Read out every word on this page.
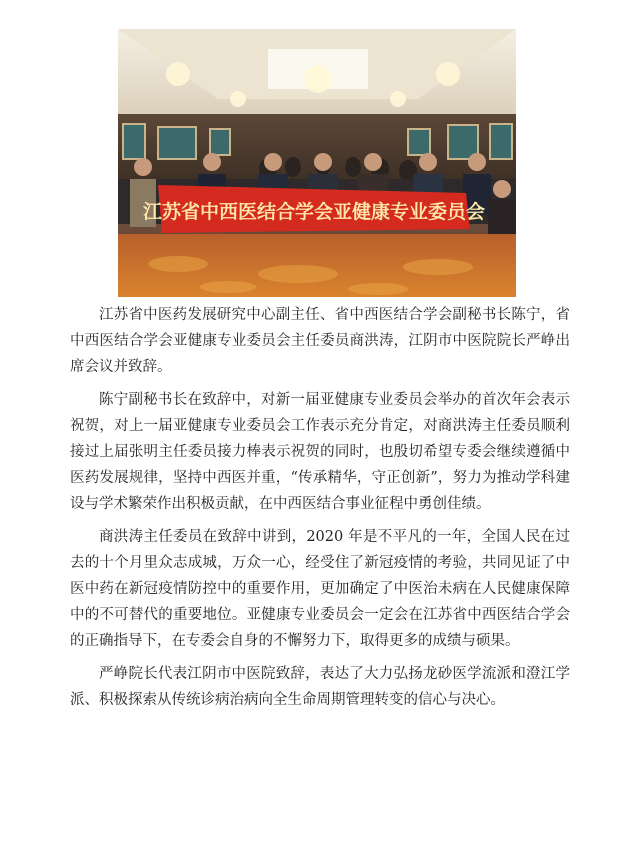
江苏省中西医结合学会亚健康专业委员会

江苏省中医药发展研究中心副主任、省中西医结合学会副秘书长陈宁，省中西医结合学会亚健康专业委员会主任委员商洪涛，江阴市中医院院长严峥出席会议并致辞。

陈宁副秘书长在致辞中，对新一届亚健康专业委员会举办的首次年会表示祝贺，对上一届亚健康专业委员会工作表示充分肯定，对商洪涛主任委员顺利接过上届张明主任委员接力棒表示祝贺的同时，也殷切希望专委会继续遵循中医药发展规律，坚持中西医并重，“传承精华，守正创新”，努力为推动学科建设与学术繁荣作出积极贡献，在中西医结合事业征程中勇创佳绩。

商洪涛主任委员在致辞中讲到，2020 年是不平凡的一年，全国人民在过去的十个月里众志成城，万众一心，经受住了新冠疫情的考验，共同见证了中医中药在新冠疫情防控中的重要作用，更加确定了中医治未病在人民健康保障中的不可替代的重要地位。亚健康专业委员会一定会在江苏省中西医结合学会的正确指导下，在专委会自身的不懈努力下，取得更多的成绩与硕果。

严峥院长代表江阴市中医院致辞，表达了大力弘扬龙砂医学流派和澄江学派、积极探索从传统诊病治病向全生命周期管理转变的信心与决心。
